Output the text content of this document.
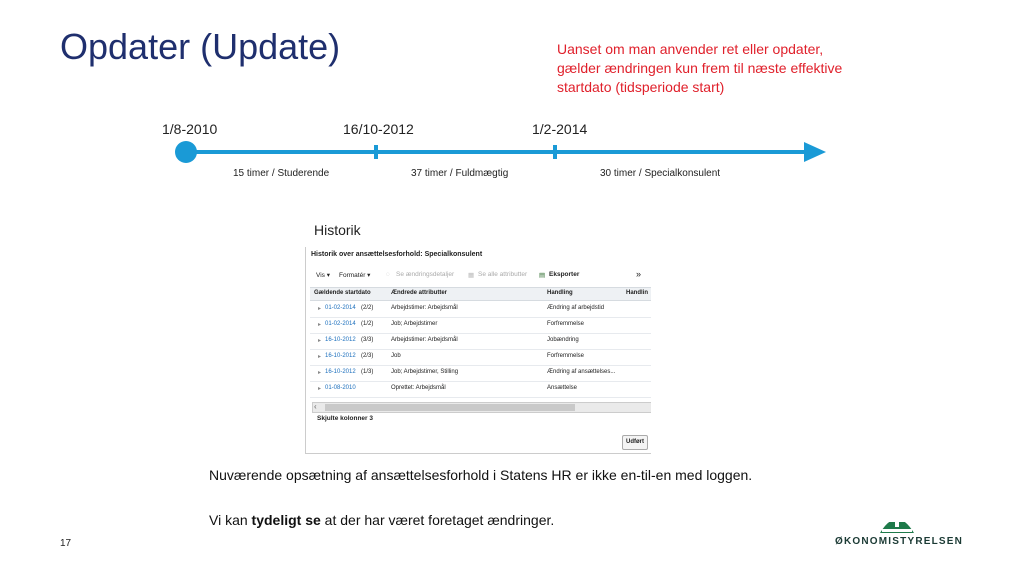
Opdater (Update)	Uanset om man anvender ret eller opdater, gælder ændringen kun frem til næste effektive startdato (tidsperiode start)
1/8-2010	16/10-2012	1/2-2014
15 timer / Studerende	37 timer / Fuldmægtig	30 timer / Specialkonsulent
Historik
Historik over ansættelsesforhold: Specialkonsulent
Vis ▾ Formatér ▾ ◌ Se ændringsdetaljer ▦ Se alle attributter ▤ Eksporter	»
Gældende startdato	Ændrede attributter	Handling	Handlin
▸ 01-02-2014 (2/2)	Arbejdstimer: Arbejdsmål	Ændring af arbejdstid
▸ 01-02-2014 (1/2)	Job; Arbejdstimer	Forfremmelse
▸ 16-10-2012 (3/3)	Arbejdstimer: Arbejdsmål	Jobændring
▸ 16-10-2012 (2/3)	Job	Forfremmelse
▸ 16-10-2012 (1/3)	Job; Arbejdstimer, Stilling	Ændring af ansættelses...
▸ 01-08-2010	Oprettet: Arbejdsmål	Ansættelse
‹
Skjulte kolonner 3
Udført
Nuværende opsætning af ansættelsesforhold i Statens HR er ikke en-til-en med loggen.
Vi kan tydeligt se at der har været foretaget ændringer.
17	ØKONOMISTYRELSEN
